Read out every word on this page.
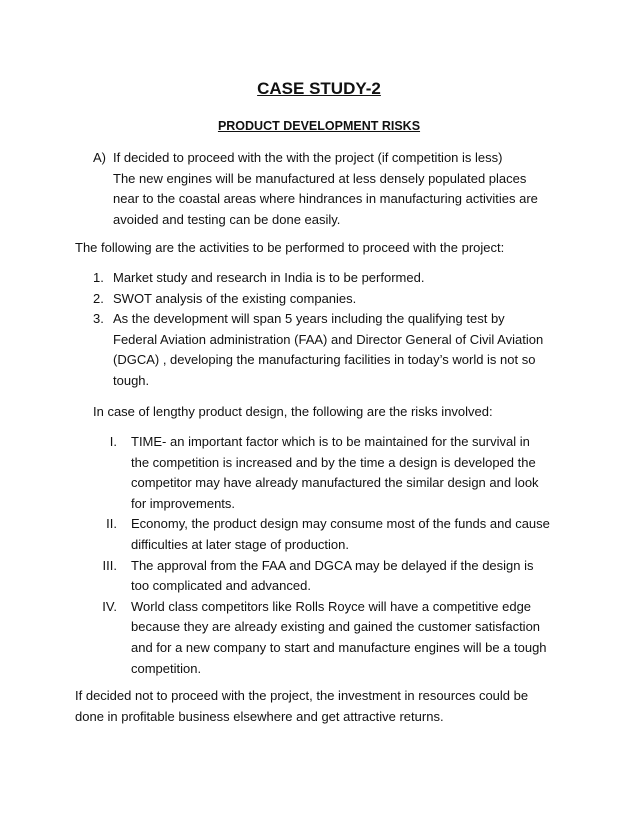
CASE STUDY-2
PRODUCT DEVELOPMENT RISKS
A) If decided to proceed with the with the project (if competition is less)
The new engines will be manufactured at less densely populated places
near to the coastal areas where hindrances in manufacturing activities are
avoided and testing can be done easily.
The following are the activities to be performed to proceed with the project:
1. Market study and research in India is to be performed.
2. SWOT analysis of the existing companies.
3. As the development will span 5 years including the qualifying test by
Federal Aviation administration (FAA) and Director General of Civil Aviation
(DGCA) , developing the manufacturing facilities in today’s world is not so
tough.
In case of lengthy product design, the following are the risks involved:
I. TIME- an important factor which is to be maintained for the survival in
the competition is increased and by the time a design is developed the
competitor may have already manufactured the similar design and look
for improvements.
II. Economy, the product design may consume most of the funds and cause
difficulties at later stage of production.
III. The approval from the FAA and DGCA may be delayed if the design is
too complicated and advanced.
IV. World class competitors like Rolls Royce will have a competitive edge
because they are already existing and gained the customer satisfaction
and for a new company to start and manufacture engines will be a tough
competition.
If decided not to proceed with the project, the investment in resources could be
done in profitable business elsewhere and get attractive returns.
